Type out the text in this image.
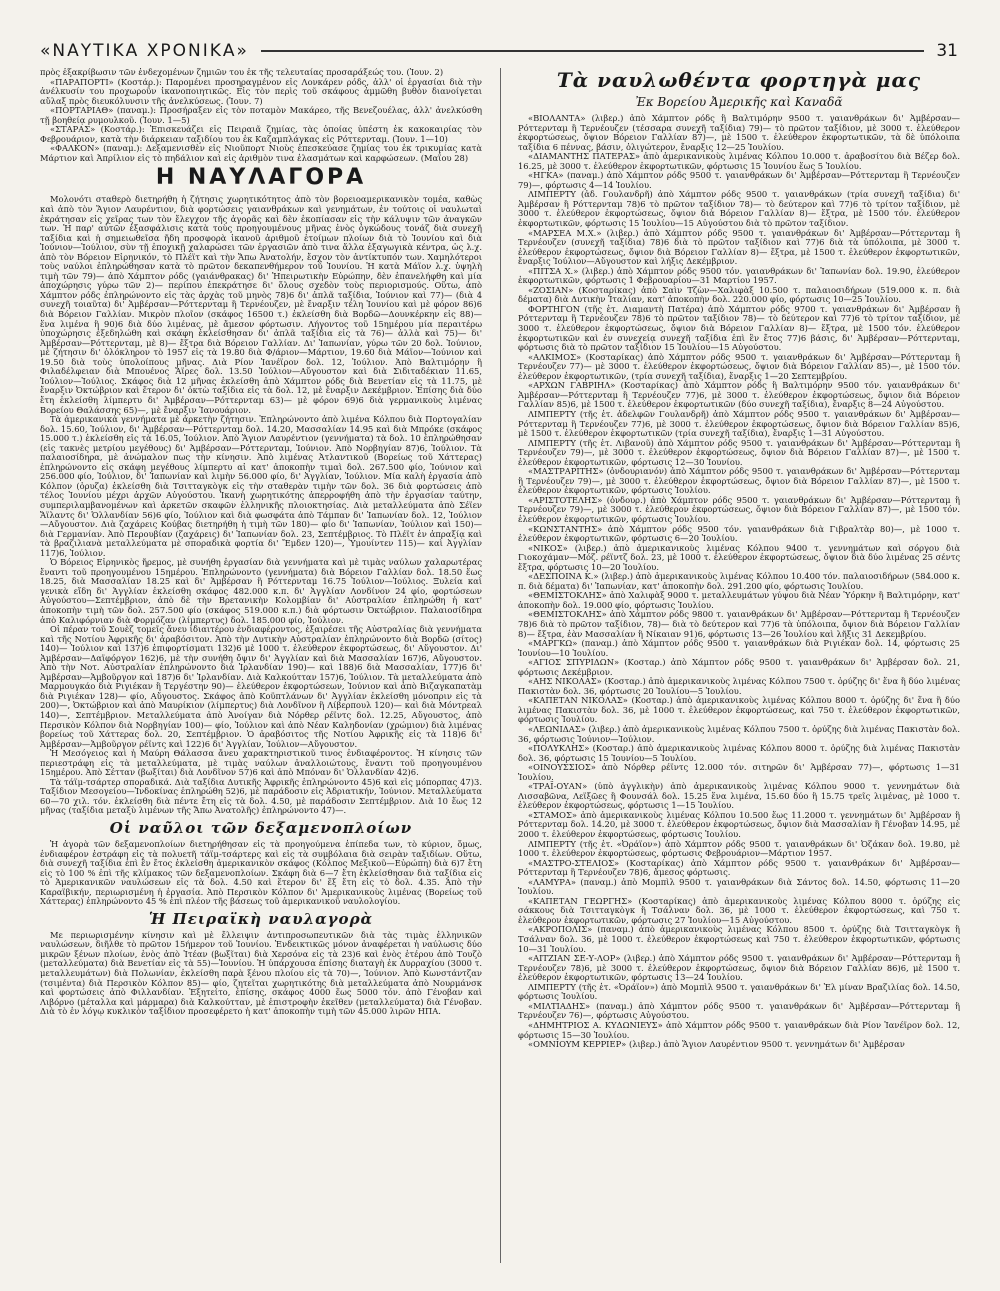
«ΝΑΥΤΙΚΑ ΧΡΟΝΙΚΑ»	31

πρὸς ἐξακρίβωσιν τῶν ἐνδεχομένων ζημιῶν του ἐκ τῆς τελευταίας προσαράξεώς του. (Ἰουν. 2)

«ΠΑΡΑΠΟΡΤΙ» (Κοστάρ.): Παρομένει προσηραγμένον εἰς Λονκάρεν ρόδς, ἀλλ' οἱ ἐργασίαι διὰ τὴν ἀνέλκυσίν του προχωροῦν ἱκανοποιητικῶς. Εἰς τὸν περὶς τοῦ σκάφους ἀμμῶθη βυθὸν διανοίγεται αὔλαξ πρὸς διευκόλυνσιν τῆς ἀνελκύσεως. (Ἰουν. 7)

«ΠΟΡΤΑΡΙΑΘ» (παναμ.): Προσήραξεν εἰς τὸν ποταμὸν Μακάρεο, τῆς Βενεζουέλας, ἀλλ' ἀνελκύσθη τῇ βοηθείᾳ ρυμουλκοῦ. (Ἰουν. 1—5)

«ΣΤΑΡΑΣ» (Κοστάρ.): Ἐπισκευάζει εἰς Πειραιᾶ ζημίας, τὰς ὁποίας ὑπέστη ἐκ κακοκαιρίας τὸν Φεβρουάριον, κατὰ τὴν διάρκειαν ταξιδίου του ἐκ Καζαμπλάγκας εἰς Ρόττερνταμ. (Ἰουν. 1—10)

«ΦΑΛΚΟΝ» (παναμ.): Δεξαμενισθὲν εἰς Νιοῦπορτ Νιοὺς ἐπεσκεύασε ζημίας του ἐκ τρικυμίας κατὰ Μάρτιον καὶ Ἀπρίλιον εἰς τὸ πηδάλιον καὶ εἰς ἀριθμὸν τινα ἐλασμάτων καὶ καρφώσεων. (Μαΐου 28)

Η ΝΑΥΛΑΓΟΡΑ

Μολονότι σταθερὸ διετηρήθη ἡ ζήτησις χωρητικότητος ἀπὸ τὸν βορειοαμερικανικὸν τομέα, καθὼς καὶ ἀπὸ τὸν Ἅγιον Λαυρέντιον, διὰ φορτώσεις γαιανθράκων καὶ γενημάτων, ἐν τούτοις οἱ ναυλωταὶ ἐκράτησαν εἰς χεῖρας των τὸν ἔλεγχον τῆς ἀγορᾶς καὶ δὲν ἐκοπίασαν εἰς τὴν κάλυψιν τῶν ἀναγκῶν των. Ἡ παρ' αὐτῶν ἐξασφάλισις κατὰ τοὺς προηγουμένους μῆνας ἑνὸς ὀγκώδους τονάζ διὰ συνεχῆ ταξίδια καὶ ἡ σημειωθεῖσα ἤδη προσφορὰ ἱκανοῦ ἀριθμοῦ ἑτοίμων πλοίων διὰ τὸ Ἰουνίου καὶ διὰ Ἰούνιον—Ἰούλιον, σὺν τῇ ἐποχικῇ χαλαρώσει τῶν ἐργασιῶν ἀπὸ τινα ἄλλα ἐξαγωγικὰ κέντρα, ὡς λ.χ. ἀπὸ τὸν Βόρειον Εἰρηνικόν, τὸ Πλέϊτ καὶ τὴν Ἄπω Ἀνατολήν, ἔσχον τὸν ἀντίκτυπόν των. Χαμηλότεροι τοὺς ναύλοι ἐπληρώθησαν κατὰ τὸ πρῶτον δεκαπενθήμερον τοῦ Ἰουνίου. Ἡ κατὰ Μάϊον λ.χ. ὑψηλὴ τιμὴ τῶν 79)— ἀπὸ Χάμπτον ρόδς (γαιάνθρακας) δι' Ἠπειρωτικὴν Εὐρώπην, δὲν ἐπανελήφθη καὶ μία ἀποχώρησις γύρω τῶν 2)— περίπου ἐπεκράτησε δι' ὅλους σχεδὸν τοὺς περιορισμούς. Οὕτω, ἀπὸ Χάμπτον ρόδς ἐπληρώνοντο εἰς τὰς ἀρχὰς τοῦ μηνὸς 78)6 δι' ἁπλᾶ ταξίδια, Ἰούνιον καὶ 77)— (διὰ 4 συνεχῆ τοιαῦτα) δι' Ἀμβέρσαν—Ρόττερνταμ ἢ Τερνέουζεν, μὲ ἔναρξιν τέλη Ἰουνίου καὶ μὲ φόρον 86)6 διὰ Βόρειον Γαλλίαν. Μικρὸν πλοῖον (σκάφος 16500 τ.) ἐκλείσθη διὰ Βορδῶ—Δουνκέρκην εἰς 88)— ἕνα λιμένα ἢ 90)6 διὰ δύο λιμένας, μὲ ἄμεσον φόρτωσιν. Λήγοντος τοῦ 15ημέρου μία περαιτέρω ὑποχώρησις ἐξεδηλώθη καὶ σκάφη ἐκλείσθησαν δι' ἁπλᾶ ταξίδια εἰς τὰ 76)— ἀλλὰ καὶ 75)— δι' Ἀμβέρσαν—Ρόττερνταμ, μὲ 8)— ἔξτρα διὰ Βόρειον Γαλλίαν. Δι' Ἰαπωνίαν, γύρω τῶν 20 δολ. Ἰούνιον, μὲ ζήτησιν δι' ὁλόκληρον τὸ 1957 εἰς τὰ 19.80 διὰ Φ/άριον—Μάρτιον, 19.60 διὰ Μάϊον—Ἰούνιον καὶ 19.50 διὰ τοὺς ὑπολοίπους μῆνας. Διὰ Ρίον Ἰανέϊρον δολ. 12, Ἰούλιον. Ἀπὸ Βαλτιμόρην ἢ Φιλαδέλφειαν διὰ Μπουένος Ἄϊρες δολ. 13.50 Ἰούλιον—Αὔγουστον καὶ διὰ Σιδιταδέκιαν 11.65, Ἰούλιον—Ἰούλιος. Σκάφος διὰ 12 μῆνας ἐκλείσθη ἀπὸ Χάμπτον ρόδς διὰ Βενετίαν εἰς τὰ 11.75, μὲ ἔναρξιν Ὀκτώβριον καὶ ἕτερον δι' ὀκτὼ ταξίδια εἰς τὰ δολ. 12, μὲ ἔναρξιν Δεκέμβριον. Ἐπίσης διὰ δύο ἔτη ἐκλείσθη λίμπερτυ δι' Ἀμβέρσαν—Ρόττερνταμ 63)— μὲ φόρον 69)6 διὰ γερμανικοὺς λιμένας Βορείου Θαλάσσης 65)—, μὲ ἔναρξιν Ἰανουάριον.

Τὰ ἀμερικανικὰ γεννήματα μὲ ἀρκετὴν ζήτησιν. Ἐπληρώνοντο ἀπὸ λιμένα Κόλπου διὰ Πορτογαλίαν δολ. 15.60, Ἰούλιον, δι' Ἀμβέρσαν—Ρόττερνταμ δολ. 14.20, Μασσαλίαν 14.95 καὶ διὰ Μπρόκε (σκάφος 15.000 τ.) ἐκλείσθη εἰς τὰ 16.05, Ἰούλιον. Ἀπὸ Ἅγιον Λαυρέντιον (γεννήματα) τὰ δολ. 10 ἐπληρώθησαν (εἰς τακνὲς μετρίου μεγέθους) δι' Ἀμβέρσαν—Ρόττερνταμ, Ἰούνιον. Ἀπὸ Νορβηγίαν 87)6, Ἰούλιον. Τὰ παλαιοσίδηρα, μὲ ἀνώμαλον πως τὴν κίνησιν. Ἀπὸ λιμένας Ἀτλαντικοῦ (Βορείως τοῦ Χάττερας) ἐπληρώνοντο εἰς σκάφη μεγέθους λίμπερτυ αἱ κατ' ἀποκοπὴν τιμαὶ δολ. 267.500 φίο, Ἰούνιον καὶ 256.000 φίο, Ἰούλιον, δι' Ἰαπωνίαν καὶ λιμὴν 56.000 φίο, δι' Ἀγγλίαν, Ἰούλιον. Μία καλὴ ἐργασία ἀπὸ Κόλπον (ὀρυζα) ἐκλείσθη διὰ Τσιτταγκὸγκ εἰς τὴν σταθερὰν τιμὴν τῶν δολ. 36 διὰ φορτώσεις ἀπὸ τέλος Ἰουνίου μέχρι ἀρχῶν Αὐγούστου. Ἱκανὴ χωρητικότης ἀπερροφήθη ἀπὸ τὴν ἐργασίαν ταύτην, συμπεριλαμβανομένων καὶ ἀρκετῶν σκαφῶν ἑλληνικῆς πλοιοκτησίας. Διὰ μεταλλεύματα ἀπὸ Σέϊεν Ἄϊλαντς δι' Ὁλλανδίαν 56)6 φίο, Ἰούλιον καὶ διὰ φωσφάτα ἀπὸ Τάμπαν δι' Ἰαπωνίαν δολ. 12, Ἰούλιον—Αὔγουστον. Διὰ ζαχάρεις Κούβας διετηρήθη ἡ τιμὴ τῶν 180)— φίο δι' Ἰαπωνίαν, Ἰούλιον καὶ 150)— διὰ Γερμανίαν. Ἀπὸ Περουβίαν (ζαχάρεις) δι' Ἰαπωνίαν δολ. 23, Σεπτέμβριος. Τὸ Πλέϊτ ἐν ἀπραξίᾳ καὶ τὰ βραζιλιανὰ μεταλλεύματα μὲ σποραδικὰ φορτία δι' Ἔμδεν 120)—, Ὑμουίντεν 115)— καὶ Ἀγγλίαν 117)6, Ἰούλιον.

Ὁ Βόρειος Εἰρηνικὸς ἤρεμος, μὲ συνήθη ἐργασίαν διὰ γεννήματα καὶ μὲ τιμὰς ναύλων χαλαρωτέρας ἔναντι τοῦ προηγουμένου 15ημέρου. Ἐπληρώνοντο (γεννήματα) διὰ Βόρειον Γαλλίαν δολ. 18.50 ἕως 18.25, διὰ Μασσαλίαν 18.25 καὶ δι' Ἀμβέρσαν ἢ Ρόττερνταμ 16.75 Ἰούλιον—Ἰούλιος. Ξυλεία καὶ γενικὰ εἴδη δι' Ἀγγλίαν ἐκλείσθη σκάφος 482.000 κ.π. δι' Ἀγγλίαν Λονδίνον 24 φίο, φορτώσεων Αὐγούστου—Σεπτέμβριον, ἀπὸ δὲ τὴν Βρετανικὴν Κολομβίαν δι' Αὐστραλίαν ἐπληρώθη ἡ κατ' ἀποκοπὴν τιμὴ τῶν δολ. 257.500 φίο (σκάφος 519.000 κ.π.) διὰ φόρτωσιν Ὀκτώβριον. Παλαιοσίδηρα ἀπὸ Καλιφόρνιαν διὰ Φορμόζαν (λίμπερτυς) δολ. 185.000 φίο, Ἰούλιον.

Οἱ πέραν τοῦ Σουὲζ τομεῖς ἄνευ ἰδιαιτέρου ἐνδιαφέροντος, ἐξαιρέσει τῆς Αὐστραλίας διὰ γεννήματα καὶ τῆς Νοτίου Ἀφρικῆς δι' ἀραβόσιτον. Ἀπὸ τὴν Δυτικὴν Αὐστραλίαν ἐπληρώνοντο διὰ Βορδῶ (σίτος) 140)— Ἰούλιον καὶ 137)6 ἐπιφορτίσματι 132)6 μὲ 1000 τ. ἐλεύθερον ἐκφορτώσεως, δι' Αὔγουστον. Δι' Ἀμβέρσαν—Δαϊφόργον 162)6, μὲ τὴν συνήθη ὄψιν δι' Ἀγγλίαν καὶ διὰ Μασσαλίαν 167)6, Αὔγουστον. Ἀπὸ τὴν Νοτ. Αὐστραλίαν ἐπληρώνοντο διὰ Ἰρλανδίαν 190)— καὶ 188)6 διὰ Μασσαλίαν, 177)6 δι' Ἀμβέρσαν—Ἀμβοῦργον καὶ 187)6 δι' Ἰρλανδίαν. Διὰ Καλκούτταν 157)6, Ἰούλιον. Τὰ μεταλλεύματα ἀπὸ Μαρμουγκάο διὰ Ριγιέκαν ἢ Τεργέστην 90)— ἐλεύθερον ἐκφορτώσεων, Ἰούνιον καὶ ἀπὸ Βιζαγκαπατὰμ διὰ Ριγιέκαν 128)— φίο, Αὔγουστος. Σκάφος ἀπὸ Κοϋπτλάνων δι' Ἀγγλίαν ἐκλείσθη μόνοπριν εἰς τὰ 200)—, Ὀκτώβριον καὶ ἀπὸ Μαυρίκιον (λίμπερτυς) διὰ Λονδῖνον ἢ Λίβερπουλ 120)— καὶ διὰ Μόντρεαλ 140)—, Σεπτέμβριον. Μεταλλεύματα ἀπὸ Ἀνοίγαν διὰ Νόρθερ ρέϊντς δολ. 12.25, Αὔγουστος, ἀπὸ Περσικὸν Κόλπον διὰ Νορβηγίαν 100)— φίο, Ἰούλιον καὶ ἀπὸ Νέαν Καληδονίαν (χρώμιον) διὰ λιμένας βορείως τοῦ Χάττερας δολ. 20, Σεπτέμβριον. Ὁ ἀραβόσιτος τῆς Νοτίου Ἀφρικῆς εἰς τὰ 118)6 δι' Ἀμβέρσαν—Ἀμβοῦργον ρέϊντς καὶ 122)6 δι' Ἀγγλίαν, Ἰούλιον—Αὔγουστον.

Ἡ Μεσόγειος καὶ ἡ Μαύρη Θάλασσα ἄνευ χαρακτηριστικοῦ τινος ἐνδιαφέροντος. Ἡ κίνησις τῶν περιεστράφη εἰς τὰ μεταλλεύματα, μὲ τιμὰς ναύλων ἀναλλοιώτους, ἔναντι τοῦ προηγουμένου 15ημέρου. Ἀπὸ Σέτταν (βωξίται) διὰ Λονδῖνον 57)6 καὶ ἀπὸ Μπόναν δι' Ὁλλανδίαν 42)6.

Τὰ τάϊμ-τσάρτερ σποραδικά. Διὰ ταξίδια Δυτικῆς Ἀφρικῆς ἐπληρώνοντο 45)6 καὶ εἰς μόπορπας 47)3. Ταξίδιον Μεσογείου—Ἰνδοκίνας ἐπληρώθη 52)6, μὲ παράδοσιν εἰς Ἀδριατικήν, Ἰούνιον. Μεταλλεύματα 60—70 χιλ. τόν. ἐκλείσθη διὰ πέντε ἔτη εἰς τὰ δολ. 4.50, μὲ παράδοσιν Σεπτέμβριον. Διὰ 10 ἕως 12 μῆνας (ταξίδια μεταξὺ λιμένων τῆς Ἄπω Ἀνατολῆς) ἐπληρώνοντο 47)—.

Οἱ ναῦλοι τῶν δεξαμενοπλοίων

Ἡ ἀγορὰ τῶν δεξαμενοπλοίων διετηρήθησαν εἰς τὰ προηγούμενα ἐπίπεδα των, τὸ κύριον, ὅμως, ἐνδιαφέρον ἐστράφη εἰς τὰ πολυετῆ τάϊμ-τσάρτερς καὶ εἰς τὰ συμβόλαια διὰ σειρὰν ταξιδίων. Οὕτω, διὰ συνεχῆ ταξίδια ἐπὶ ἓν ἔτος ἐκλείσθη ἀμερικανικὸν σκάφος (Κόλπος Μεξικοῦ—Εὐρώπη) διὰ 6)7 ἔτη εἰς τὸ 100 % ἐπὶ τῆς κλίμακος τῶν δεξαμενοπλοίων. Σκάφη διὰ 6—7 ἔτη ἐκλείσθησαν διὰ ταξίδια εἰς τὸ Ἀμερικανικῶν ναυλώσεων εἰς τὰ δολ. 4.50 καὶ ἕτερον δι' ἕξ ἔτη εἰς τὸ δολ. 4.35. Ἀπὸ τὴν Καραϊβικήν, περιωρισμένη ἡ ἐργασία. Ἀπὸ Περσικὸν Κόλπον δι' Ἀμερικανικοὺς λιμένας (Βορείως τοῦ Χάττερας) ἐπληρώνοντο 45 % ἐπὶ πλέον τῆς βάσεως τοῦ ἀμερικανικοῦ ναυλολογίου.

Ἡ Πειραϊκὴ ναυλαγορὰ

Με περιωρισμένην κίνησιν καὶ μὲ ἔλλειψιν ἀντιπροσωπευτικῶν διὰ τὰς τιμὰς ἑλληνικῶν ναυλώσεων, διῆλθε τὸ πρῶτον 15ήμερον τοῦ Ἰουνίου. Ἐνδεικτικῶς μόνον ἀναφέρεται ἡ ναύλωσις δύο μικρῶν ξένων πλοίων, ἑνὸς ἀπὸ Ἰτέαν (βωξῖται) διὰ Χερσόνα εἰς τὰ 23)6 καὶ ἑνὸς ἐτέρου ἀπὸ Τουζὸ (μεταλλεύματα) διὰ Βενετίαν εἰς τὰ 55)—Ἰουνίου. Ἡ ὑπάρχουσα ἐπίσης διαταγὴ ἐκ Δυρραχίου (3000 τ. μεταλλευμάτων) διὰ Πολωνίαν, ἐκλείσθη παρὰ ξένου πλοίου εἰς τὰ 70)—, Ἰούνιον. Ἀπὸ Κωνστάντζαν (τσιμέντα) διὰ Περσικὸν Κόλπον 85)— φίο, ζητεῖται χωρητικότης διὰ μεταλλεύματα ἀπὸ Νουρμάνσκ καὶ φορτώσεις ἀπὸ Φιλλανδίαν. Ἐξητείτο, ἐπίσης, σκάφος 4000 ἕως 5000 τόν. ἀπὸ Γένοβαν καὶ Λιβόρνο (μέταλλα καὶ μάρμαρα) διὰ Καλκούτταν, μὲ ἐπιστροφὴν ἐκεῖθεν (μεταλλεύματα) διὰ Γένοβαν. Διὰ τὸ ἐν λόγῳ κυκλικὸν ταξίδιον προσεφέρετο ἡ κατ' ἀποκοπὴν τιμὴ τῶν 45.000 λιρῶν ΗΠΑ.

Τὰ ναυλωθέντα φορτηγὰ μας
Ἐκ Βορείου Ἀμερικῆς καὶ Καναδᾶ

«ΒΙΟΛΑΝΤΑ» (λιβερ.) ἀπὸ Χάμπτον ρόδς ἢ Βαλτιμόρην 9500 τ. γαιανθράκων δι' Ἀμβέρσαν—Ρόττερνταμ ἢ Τερνέουζεν (τέσσαρα συνεχῆ ταξίδια) 79)— τὸ πρῶτον ταξίδιον, μὲ 3000 τ. ἐλεύθερον ἐκφορτώσεως, ὄψιον Βόρειον Γαλλίαν 87)—, μὲ 1500 τ. ἐλεύθερον ἐκφορτωτικῶν, τὰ δὲ ὑπόλοιπα ταξίδια 6 πέννας, βάσιν, ὀλιγώτερον, ἔναρξις 12—25 Ἰουλίου.

«ΔΙΑΜΑΝΤΗΣ ΠΑΤΕΡΑΣ» ἀπὸ ἀμερικανικοὺς λιμένας Κόλπου 10.000 τ. ἀραβοσίτου διὰ Βέζερ δολ. 16.25, μὲ 3000 τ. ἐλεύθερον ἐκφορτωτικῶν, φόρτωσις 15 Ἰουνίου ἕως 5 Ἰουλίου.

«ΗΓΚΑ» (παναμ.) ἀπὸ Χάμπτον ρόδς 9500 τ. γαιανθράκων δι' Ἀμβέρσαν—Ρόττερνταμ ἢ Τερνέουζεν 79)—, φόρτωσις 4—14 Ἰουλίου.

ΛΙΜΠΕΡΤΥ (ἀδ. Γουλανδρῆ) ἀπὸ Χάμπτον ρόδς 9500 τ. γαιανθράκων (τρία συνεχῆ ταξίδια) δι' Ἀμβέρσαν ἢ Ρόττερνταμ 78)6 τὸ πρῶτον ταξίδιον 78)— τὸ δεύτερον καὶ 77)6 τὸ τρίτον ταξίδιον, μὲ 3000 τ. ἐλεύθερον ἐκφορτώσεως, ὄψιον διὰ Βόρειον Γαλλίαν 8)— ἔξτρα, μὲ 1500 τόν. ἐλεύθερον ἐκφορτωτικῶν, φόρτωσις 15 Ἰουλίου—15 Αὐγούστου διὰ τὸ πρῶτον ταξίδιον.

«ΜΑΡΣΕΑ Μ.Χ.» (λιβερ.) ἀπὸ Χάμπτον ρόδς 9500 τ. γαιανθράκων δι' Ἀμβέρσαν—Ρόττερνταμ ἢ Τερνέουζεν (συνεχῆ ταξίδια) 78)6 διὰ τὸ πρῶτον ταξίδιον καὶ 77)6 διὰ τὰ ὑπόλοιπα, μὲ 3000 τ. ἐλεύθερον ἐκφορτώσεως, ὄψιον διὰ Βόρειον Γαλλίαν 8)— ἔξτρα, μὲ 1500 τ. ἐλεύθερον ἐκφορτωτικῶν, ἔναρξις Ἰούλιον—Αὔγουστον καὶ λήξις Δεκέμβριον.

«ΠΙΤΣΑ Χ.» (λιβερ.) ἀπὸ Χάμπτον ρόδς 9500 τόν. γαιανθράκων δι' Ἰαπωνίαν δολ. 19.90, ἐλεύθερον ἐκφορτωτικῶν, φόρτωσις 1 Φεβρουαρίου—31 Μαρτίου 1957.

«ΖΟΣΙΑΝ» (Κοσταρίκας) ἀπὸ Σαὶν Τζὼν—Χαλιφὰξ 10.500 τ. παλαιοσιδήρων (519.000 κ. π. διὰ δέματα) διὰ Δυτικὴν Ἰταλίαν, κατ' ἀποκοπὴν δολ. 220.000 φίο, φόρτωσις 10—25 Ἰουλίου.

ΦΟΡΤΗΓΟΝ (τῆς ἑτ. Διαμαντὴ Πατέρα) ἀπὸ Χάμπτον ρόδς 9700 τ. γαιανθράκων δι' Ἀμβέρσαν ἢ Ρόττερνταμ ἢ Τερνέουζεν 78)6 τὸ πρῶτον ταξίδιον 78)— τὸ δεύτερον καὶ 77)6 τὸ τρίτον ταξίδιον, μὲ 3000 τ. ἐλεύθερον ἐκφορτώσεως, ὄψιον διὰ Βόρειον Γαλλίαν 8)— ἔξτρα, μὲ 1500 τόν. ἐλεύθερον ἐκφορτωτικῶν καὶ ἐν συνεχείᾳ συνεχῆ ταξίδια ἐπὶ ἓν ἔτος 77)6 βάσις, δι' Ἀμβέρσαν—Ρόττερνταμ, φόρτωσις διὰ τὸ πρῶτον ταξίδιον 15 Ἰουλίου—15 Αὐγούστου.

«ΑΛΚΙΜΟΣ» (Κοσταρίκας) ἀπὸ Χάμπτον ρόδς 9500 τ. γαιανθράκων δι' Ἀμβέρσαν—Ρόττερνταμ ἢ Τερνέουζεν 77)— μὲ 3000 τ. ἐλεύθερον ἐκφορτώσεως, ὄψιον διὰ Βόρειον Γαλλίαν 85)—, μὲ 1500 τόν. ἐλεύθερον ἐκφορτωτικῶν, (τρία συνεχῆ ταξίδια), ἔναρξις 1—20 Σεπτεμβρίου.

«ΑΡΧΩΝ ΓΑΒΡΙΗΛ» (Κοσταρίκας) ἀπὸ Χάμπτον ρόδς ἢ Βαλτιμόρην 9500 τόν. γαιανθράκων δι' Ἀμβέρσαν—Ρόττερνταμ ἢ Τερνέουζεν 77)6, μὲ 3000 τ. ἐλεύθερον ἐκφορτώσεως, ὄψιον διὰ Βόρειον Γαλλίαν 85)6, μὲ 1500 τ. ἐλεύθερον ἐκφορτωτικῶν (δύο συνεχῆ ταξίδια), ἔναρξις 8—24 Αὐγούστου.

ΛΙΜΠΕΡΤΥ (τῆς ἑτ. ἀδελφῶν Γουλανδρῆ) ἀπὸ Χάμπτον ρόδς 9500 τ. γαιανθράκων δι' Ἀμβέρσαν—Ρόττερνταμ ἢ Τερνέουζεν 77)6, μὲ 3000 τ. ἐλεύθερον ἐκφορτώσεως, ὄψιον διὰ Βόρειον Γαλλίαν 85)6, μὲ 1500 τ. ἐλεύθερον ἐκφορτωτικῶν (τρία συνεχῆ ταξίδια), ἔναρξις 1—31 Αὐγούστου.

ΛΙΜΠΕΡΤΥ (τῆς ἑτ. Λιβανοῦ) ἀπὸ Χάμπτον ρόδς 9500 τ. γαιανθράκων δι' Ἀμβέρσαν—Ρόττερνταμ ἢ Τερνέουζεν 79)—, μὲ 3000 τ. ἐλεύθερον ἐκφορτώσεως, ὄψιον διὰ Βόρειον Γαλλίαν 87)—, μὲ 1500 τ. ἐλεύθερον ἐκφορτωτικῶν, φόρτωσις 12—30 Ἰουνίου.

«ΜΑΣΤΡΑΡΙΤΗΣ» (ὀνδουριανόν) ἀπὸ Χάμπτον ρόδς 9500 τ. γαιανθράκων δι' Ἀμβέρσαν—Ρόττερνταμ ἢ Τερνέουζεν 79)—, μὲ 3000 τ. ἐλεύθερον ἐκφορτώσεως, ὄψιον διὰ Βόρειον Γαλλίαν 87)—, μὲ 1500 τ. ἐλεύθερον ἐκφορτωτικῶν, φόρτωσις Ἰουλίου.

«ΑΡΙΣΤΟΤΕΛΗΣ» (ὀνδουρ.) ἀπὸ Χάμπτον ρόδς 9500 τ. γαιανθράκων δι' Ἀμβέρσαν—Ρόττερνταμ ἢ Τερνέουζεν 79)—, μὲ 3000 τ. ἐλεύθερον ἐκφορτώσεως, ὄψιον διὰ Βόρειον Γαλλίαν 87)—, μὲ 1500 τόν. ἐλεύθερον ἐκφορτωτικῶν, φόρτωσις Ἰουλίου.

«ΚΩΝΣΤΑΝΤΗΣ» ἀπὸ Χάμπτον ρόδς 9500 τόν. γαιανθράκων διὰ Γιβραλτὰρ 80)—, μὲ 1000 τ. ἐλεύθερον ἐκφορτωτικῶν, φόρτωσις 6—20 Ἰουλίου.

«ΝΙΚΟΣ» (λιβερ.) ἀπὸ ἀμερικανικοὺς λιμένας Κόλπου 9400 τ. γεννημάτων καὶ σόργου διὰ Γιοκοχάμαν—Μόζ. ρέϊντζ δολ. 23, μὲ 1000 τ. ἐλεύθερον ἐκφορτώσεως, ὄψιον διὰ δύο λιμένας 25 σέντς ἔξτρα, φόρτωσις 10—20 Ἰουλίου.

«ΔΕΣΠΟΙΝΑ Κ.» (λιβερ.) ἀπὸ ἀμερικανικοὺς λιμένας Κόλπου 10.400 τόν. παλαιοσιδήρων (584.000 κ. π. διὰ δέματα) δι' Ἰαπωνίαν, κατ' ἀποκοπὴν δολ. 291.200 φίο, φόρτωσις Ἰουλίου.

«ΘΕΜΙΣΤΟΚΛΗΣ» ἀπὸ Χαλιφὰξ 9000 τ. μεταλλευμάτων γύψου διὰ Νέαν Ὑόρκην ἢ Βαλτιμόρην, κατ' ἀποκοπὴν δολ. 19.000 φίο, φόρτωσις Ἰουλίου.

«ΘΕΜΙΣΤΟΚΛΗΣ» ἀπὸ Χάμπτον ρόδς 9800 τ. γαιανθράκων δι' Ἀμβέρσαν—Ρόττερνταμ ἢ Τερνέουζεν 78)6 διὰ τὸ πρῶτον ταξίδιον, 78)— διὰ τὸ δεύτερον καὶ 77)6 τὰ ὑπόλοιπα, ὄψιον διὰ Βόρειον Γαλλίαν 8)— ἔξτρα, ἐὰν Μασσαλίαν ἢ Νίκαιαν 91)6, φόρτωσις 13—26 Ἰουλίου καὶ λῆξις 31 Δεκεμβρίου.

«ΜΑΡΓΚΩ» (παναμ.) ἀπὸ Χάμπτον ρόδς 9500 τ. γαιανθράκων διὰ Ριγιέκαν δολ. 14, φόρτωσις 25 Ἰουνίου—10 Ἰουλίου.

«ΑΓΙΟΣ ΣΠΥΡΙΔΩΝ» (Κοσταρ.) ἀπὸ Χάμπτον ρόδς 9500 τ. γαιανθράκων δι' Ἀμβέρσαν δολ. 21, φόρτωσις Δεκέμβριον.

«ΑΗΣ ΝΙΚΟΛΑΣ» (Κοσταρ.) ἀπὸ ἀμερικανικοὺς λιμένας Κόλπου 7500 τ. ὀρύζης δι' ἕνα ἢ δύο λιμένας Πακιστὰν δολ. 36, φόρτωσις 20 Ἰουλίου—5 Ἰουλίου.

«ΚΑΠΕΤΑΝ ΝΙΚΟΛΑΣ» (Κοσταρ.) ἀπὸ ἀμερικανικοὺς λιμένας Κόλπου 8000 τ. ὀρύζης δι' ἕνα ἢ δύο λιμένας Πακιστὰν δολ. 36, μὲ 1000 τ. ἐλεύθερον ἐκφορτώσεως, καὶ 750 τ. ἐλεύθερον ἐκφορτωτικῶν, φόρτωσις Ἰουλίου.

«ΛΕΩΝΙΔΑΣ» (λιβερ.) ἀπὸ ἀμερικανικοὺς λιμένας Κόλπου 7500 τ. ὀρύζης διὰ λιμένας Πακιστὰν δολ. 36, φόρτωσις Ἰούνιον—Ἰούλιον.

«ΠΟΛΥΚΛΗΣ» (Κοσταρ.) ἀπὸ ἀμερικανικοὺς λιμένας Κόλπου 8000 τ. ὀρύζης διὰ λιμένας Πακιστὰν δολ. 36, φόρτωσις 15 Ἰουνίου—5 Ἰουλίου.

«ΟΙΝΟΥΣΣΙΟΣ» ἀπὸ Νόρθερ ρέϊντς 12.000 τόν. σιτηρῶν δι' Ἀμβέρσαν 77)—, φόρτωσις 1—31 Ἰουλίου.

«ΤΡΑΪ-ΟΥΑΝ» (ὑπὸ ἀγγλικὴν) ἀπὸ ἀμερικανικοὺς λιμένας Κόλπου 9000 τ. γεννημάτων διὰ Λισσαβῶνα, Λεϊξῶες ἢ Φουνσάλ δολ. 15.25 ἕνα λιμένα, 15.60 δύο ἢ 15.75 τρεῖς λιμένας, μὲ 1000 τ. ἐλεύθερον ἐκφορτώσεως, φόρτωσις 1—15 Ἰουλίου.

«ΣΤΑΜΟΣ» ἀπὸ ἀμερικανικοὺς λιμένας Κόλπου 10.500 ἕως 11.2000 τ. γεννημάτων δι' Ἀμβέρσαν ἢ Ρόττερνταμ δολ. 14.20, μὲ 3000 τ. ἐλεύθερον ἐκφορτώσεως, ὄψιον διὰ Μασσαλίαν ἢ Γένοβαν 14.95, μὲ 2000 τ. ἐλεύθερον ἐκφορτώσεως, φόρτωσις Ἰουλίου.

ΛΙΜΠΕΡΤΥ (τῆς ἑτ. «Ὀράϊον») ἀπὸ Χάμπτον ρόδς 9500 τ. γαιανθράκων δι' Ὀζάκαν δολ. 19.80, μὲ 1000 τ. ἐλεύθερον ἐκφορτώσεως, φόρτωσις Φεβρουάριον—Μάρτιον 1957.

«ΜΑΣΤΡΟ-ΣΤΕΛΙΟΣ» (Κοσταρίκας) ἀπὸ Χάμπτον ρόδς 9500 τ. γαιανθράκων δι' Ἀμβέρσαν—Ρόττερνταμ ἢ Τερνέουζεν 78)6, ἄμεσος φόρτωσις.

«ΛΑΜΥΡΑ» (παναμ.) ἀπὸ Μομπὶλ 9500 τ. γαιανθράκων διὰ Σάντος δολ. 14.50, φόρτωσις 11—20 Ἰουλίου.

«ΚΑΠΕΤΑΝ ΓΕΩΡΓΗΣ» (Κοσταρίκας) ἀπὸ ἀμερικανικοὺς λιμένας Κόλπου 8000 τ. ὀρύζης εἰς σάκκους διὰ Τσιτταγκὸγκ ἢ Τσάλναν δολ. 36, μὲ 1000 τ. ἐλεύθερον ἐκφορτώσεως, καὶ 750 τ. ἐλεύθερον ἐκφορτωτικῶν, φόρτωσις 27 Ἰουλίου—15 Αὐγούστου.

«ΑΚΡΟΠΟΛΙΣ» (παναμ.) ἀπὸ ἀμερικανικοὺς λιμένας Κόλπου 8500 τ. ὀρύζης διὰ Τσιτταγκὸγκ ἢ Τσάλναν δολ. 36, μὲ 1000 τ. ἐλεύθερον ἐκφορτώσεως καὶ 750 τ. ἐλεύθερον ἐκφορτωτικῶν, φόρτωσις 10—31 Ἰουλίου.

«ΑΙΤΖΙΑΝ ΣΕ-Υ-ΛΟΡ» (λιβερ.) ἀπὸ Χάμπτον ρόδς 9500 τ. γαιανθράκων δι' Ἀμβέρσαν—Ρόττερνταμ ἢ Τερνέουζεν 78)6, μὲ 3000 τ. ἐλεύθερον ἐκφορτώσεως, ὄψιον διὰ Βόρειον Γαλλίαν 86)6, μὲ 1500 τ. ἐλεύθερον ἐκφορτωτικῶν, φόρτωσις 13—24 Ἰουλίου.

ΛΙΜΠΕΡΤΥ (τῆς ἑτ. «Ὀράϊον») ἀπὸ Μομπὶλ 9500 τ. γαιανθράκων δι' Ἐλ μίναν Βραζιλίας δολ. 14.50, φόρτωσις Ἰουλίου.

«ΜΙΛΤΙΑΔΗΣ» (παναμ.) ἀπὸ Χάμπτον ρόδς 9500 τ. γαιανθράκων δι' Ἀμβέρσαν—Ρόττερνταμ ἢ Τερνέουζεν 76)—, φόρτωσις Αὐγούστου.

«ΔΗΜΗΤΡΙΟΣ Α. ΚΥΔΩΝΙΕΥΣ» ἀπὸ Χάμπτον ρόδς 9500 τ. γαιανθράκων διὰ Ρίον Ἰανέϊρον δολ. 12, φόρτωσις 15—30 Ἰουλίου.

«ΟΜΝΙΟΥΜ ΚΕΡΡΙΕΡ» (λιβερ.) ἀπὸ Ἅγιον Λαυρέντιον 9500 τ. γεννημάτων δι' Ἀμβέρσαν
